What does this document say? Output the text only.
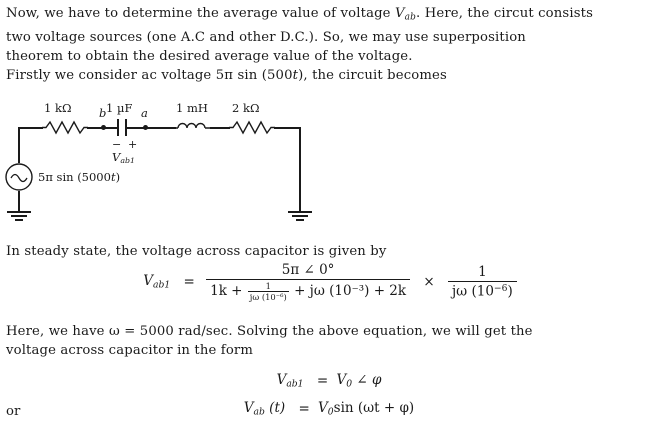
Now, we have to determine the average value of voltage $V_{ab}$. Here, the circut consists
two voltage sources (one A.C and other D.C.). So, we may use superposition
theorem to obtain the desired average value of the voltage.
Firstly we consider ac voltage 5π sin (500t), the circuit becomes
1 kΩ b 1 µF
− +
$V_{ab1}$
a 1 mH 2 kΩ
5π sin (5000t)
In steady state, the voltage across capacitor is given by
$V_{ab1} = \frac{5\pi \angle 0^\circ}{1k + \frac{1}{\text{jω (10⁻⁶)}} + j\omega (10^{-3}) + 2k} \times \frac{1}{j\omega (10^{-6})}$
Here, we have ω = 5000 rad/sec. Solving the above equation, we will get the
voltage across capacitor in the form
$V_{ab1} = V_0$ ∠ φ
or	$V_{ab}$ $(t) = V_0\sin$ (ωt + φ)
